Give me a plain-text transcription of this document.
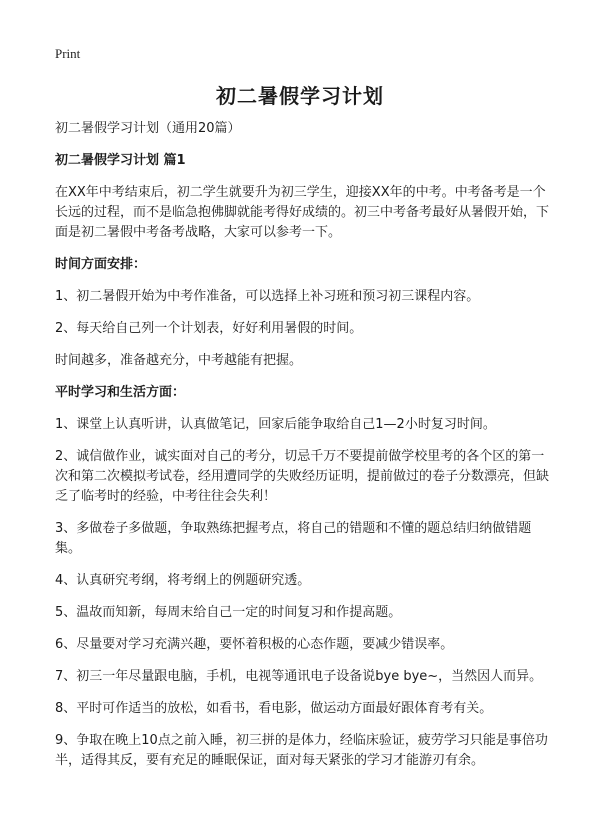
Print
初二暑假学习计划

初二暑假学习计划（通用20篇）

初二暑假学习计划 篇1

在XX年中考结束后，初二学生就要升为初三学生，迎接XX年的中考。中考备考是一个长远的过程，而不是临急抱佛脚就能考得好成绩的。初三中考备考最好从暑假开始，下面是初二暑假中考备考战略，大家可以参考一下。

时间方面安排：

1、初二暑假开始为中考作准备，可以选择上补习班和预习初三课程内容。

2、每天给自己列一个计划表，好好利用暑假的时间。

时间越多，准备越充分，中考越能有把握。

平时学习和生活方面：

1、课堂上认真听讲，认真做笔记，回家后能争取给自己1—2小时复习时间。

2、诚信做作业，诚实面对自己的考分，切忌千万不要提前做学校里考的各个区的第一次和第二次模拟考试卷，经用遭同学的失败经历证明，提前做过的卷子分数漂亮，但缺乏了临考时的经验，中考往往会失利！

3、多做卷子多做题，争取熟练把握考点，将自己的错题和不懂的题总结归纳做错题集。

4、认真研究考纲，将考纲上的例题研究透。

5、温故而知新，每周末给自己一定的时间复习和作提高题。

6、尽量要对学习充满兴趣，要怀着积极的心态作题，要减少错误率。

7、初三一年尽量跟电脑，手机，电视等通讯电子设备说bye bye~，当然因人而异。

8、平时可作适当的放松，如看书，看电影，做运动方面最好跟体育考有关。

9、争取在晚上10点之前入睡，初三拼的是体力，经临床验证，疲劳学习只能是事倍功半，适得其反，要有充足的睡眠保证，面对每天紧张的学习才能游刃有余。
